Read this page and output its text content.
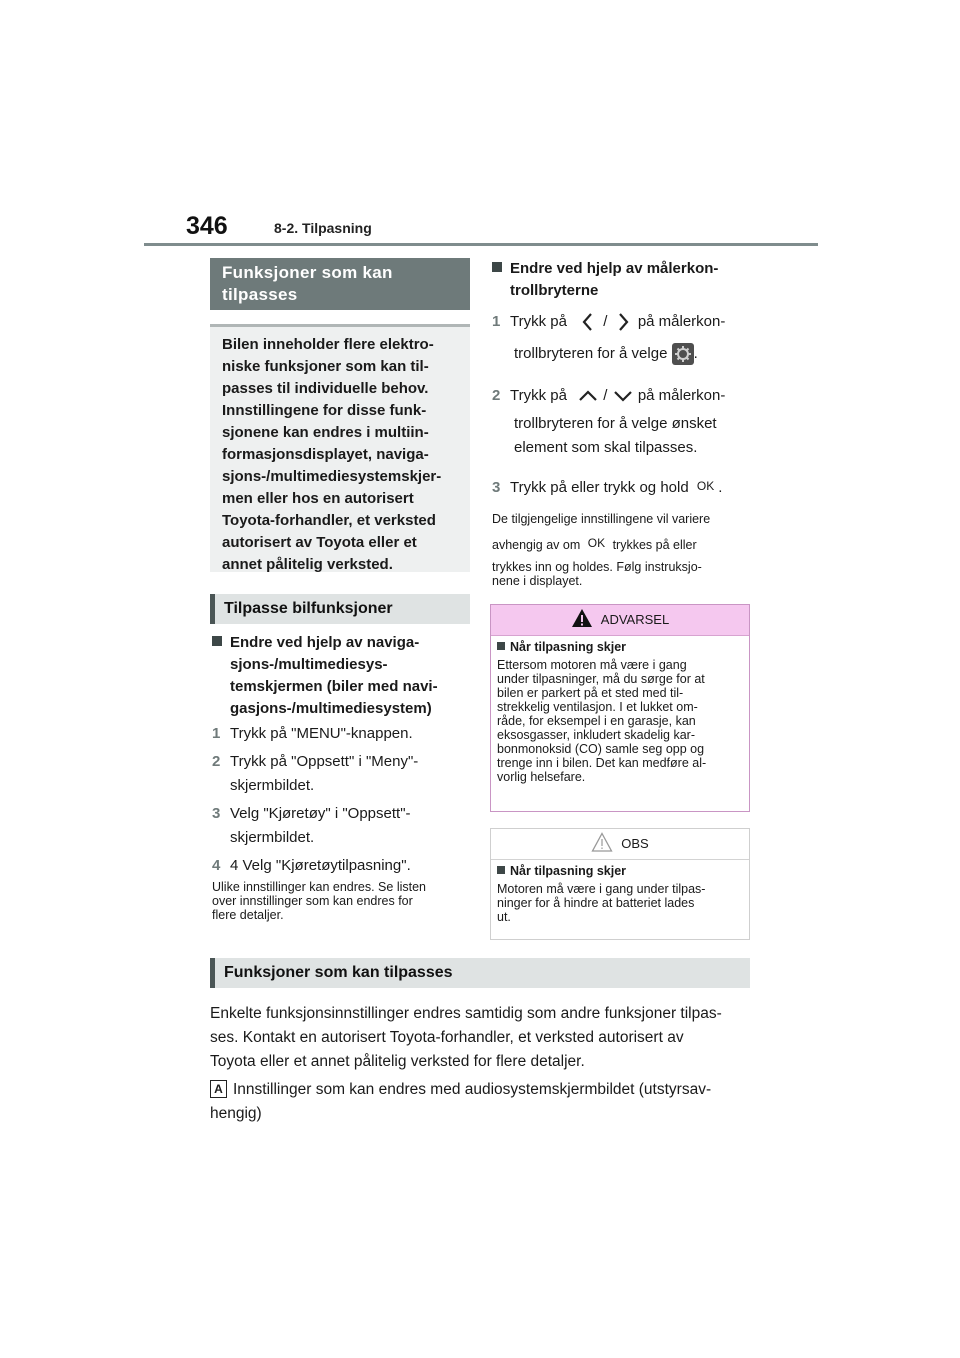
346	8-2. Tilpasning
Funksjoner som kan tilpasses
Bilen inneholder flere elektro-
niske funksjoner som kan til-
passes til individuelle behov.
Innstillingene for disse funk-
sjonene kan endres i multiin-
formasjonsdisplayet, naviga-
sjons-/multimediesystemskjer-
men eller hos en autorisert
Toyota-forhandler, et verksted
autorisert av Toyota eller et
annet pålitelig verksted.
Tilpasse bilfunksjoner
Endre ved hjelp av naviga-
sjons-/multimediesys-
temskjermen (biler med navi-
gasjons-/multimediesystem)
1 Trykk på "MENU"-knappen.
2 Trykk på "Oppsett" i "Meny"-
skjermbildet.
3 Velg "Kjøretøy" i "Oppsett"-
skjermbildet.
4 4 Velg "Kjøretøytilpasning".
Ulike innstillinger kan endres. Se listen
over innstillinger som kan endres for
flere detaljer.
Endre ved hjelp av målerkon-
trollbryterne
1 Trykk på / på målerkon-
trollbryteren for å velge .
2 Trykk på / på målerkon-
trollbryteren for å velge ønsket
element som skal tilpasses.
3 Trykk på eller trykk og hold OK .
De tilgjengelige innstillingene vil variere
avhengig av om OK trykkes på eller
trykkes inn og holdes. Følg instruksjo-
nene i displayet.
ADVARSEL
Når tilpasning skjer
Ettersom motoren må være i gang
under tilpasninger, må du sørge for at
bilen er parkert på et sted med til-
strekkelig ventilasjon. I et lukket om-
råde, for eksempel i en garasje, kan
eksosgasser, inkludert skadelig kar-
bonmonoksid (CO) samle seg opp og
trenge inn i bilen. Det kan medføre al-
vorlig helsefare.
OBS
Når tilpasning skjer
Motoren må være i gang under tilpas-
ninger for å hindre at batteriet lades
ut.
Funksjoner som kan tilpasses
Enkelte funksjonsinnstillinger endres samtidig som andre funksjoner tilpas-
ses. Kontakt en autorisert Toyota-forhandler, et verksted autorisert av
Toyota eller et annet pålitelig verksted for flere detaljer.
A Innstillinger som kan endres med audiosystemskjermbildet (utstyrsav-
hengig)
